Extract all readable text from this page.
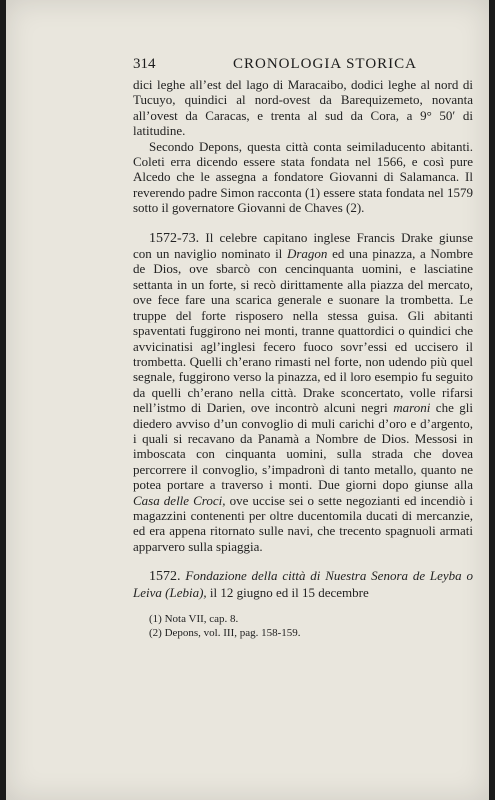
314	CRONOLOGIA STORICA

dici leghe all’est del lago di Maracaibo, dodici leghe al nord di Tucuyo, quindici al nord-ovest da Barequizemeto, novanta all’ovest da Caracas, e trenta al sud da Cora, a 9° 50′ di latitudine.

Secondo Depons, questa città conta seimiladucento abitanti. Coleti erra dicendo essere stata fondata nel 1566, e così pure Alcedo che le assegna a fondatore Giovanni di Salamanca. Il reverendo padre Simon racconta (1) essere stata fondata nel 1579 sotto il governatore Giovanni de Chaves (2).

1572-73. Il celebre capitano inglese Francis Drake giunse con un naviglio nominato il Dragon ed una pinazza, a Nombre de Dios, ove sbarcò con cencinquanta uomini, e lasciatine settanta in un forte, si recò dirittamente alla piazza del mercato, ove fece fare una scarica generale e suonare la trombetta. Le truppe del forte risposero nella stessa guisa. Gli abitanti spaventati fuggirono nei monti, tranne quattordici o quindici che avvicinatisi agl’inglesi fecero fuoco sovr’essi ed uccisero il trombetta. Quelli ch’erano rimasti nel forte, non udendo più quel segnale, fuggirono verso la pinazza, ed il loro esempio fu seguito da quelli ch’erano nella città. Drake sconcertato, volle rifarsi nell’istmo di Darien, ove incontrò alcuni negri maroni che gli diedero avviso d’un convoglio di muli carichi d’oro e d’argento, i quali si recavano da Panamà a Nombre de Dios. Messosi in imboscata con cinquanta uomini, sulla strada che dovea percorrere il convoglio, s’impadronì di tanto metallo, quanto ne potea portare a traverso i monti. Due giorni dopo giunse alla Casa delle Croci, ove uccise sei o sette negozianti ed incendiò i magazzini contenenti per oltre ducentomila ducati di mercanzie, ed era appena ritornato sulle navi, che trecento spagnuoli armati apparvero sulla spiaggia.

1572. Fondazione della città di Nuestra Senora de Leyba o Leiva (Lebia), il 12 giugno ed il 15 decembre

(1) Nota VII, cap. 8.
(2) Depons, vol. III, pag. 158-159.
